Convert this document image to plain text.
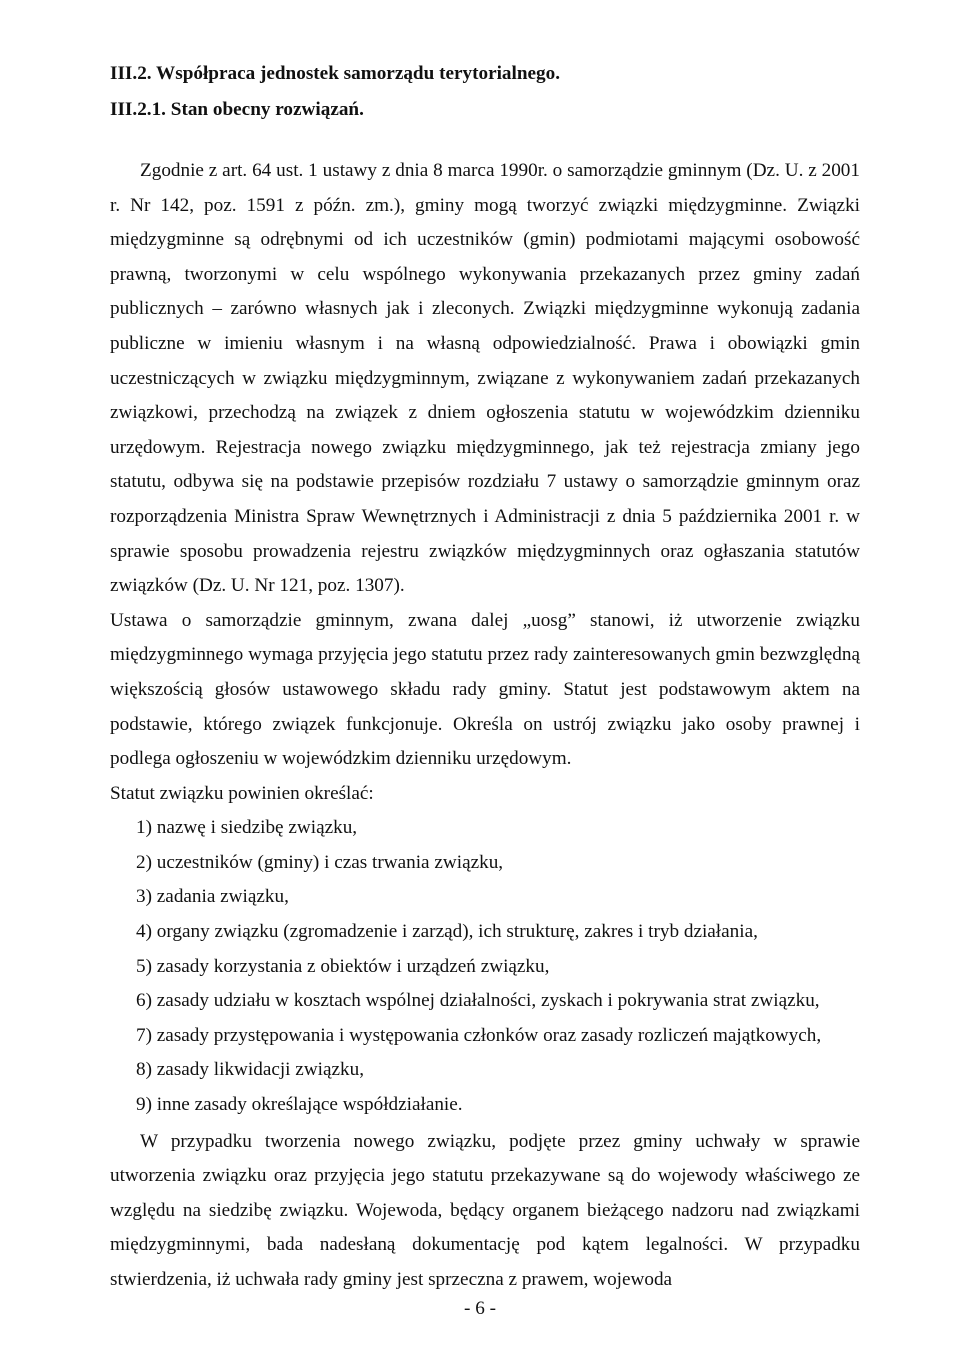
III.2. Współpraca jednostek samorządu terytorialnego.

III.2.1. Stan obecny rozwiązań.

Zgodnie z art. 64 ust. 1 ustawy z dnia 8 marca 1990r. o samorządzie gminnym (Dz. U. z 2001 r. Nr 142, poz. 1591 z późn. zm.), gminy mogą tworzyć związki międzygminne. Związki międzygminne są odrębnymi od ich uczestników (gmin) podmiotami mającymi osobowość prawną, tworzonymi w celu wspólnego wykonywania przekazanych przez gminy zadań publicznych – zarówno własnych jak i zleconych. Związki międzygminne wykonują zadania publiczne w imieniu własnym i na własną odpowiedzialność. Prawa i obowiązki gmin uczestniczących w związku międzygminnym, związane z wykonywaniem zadań przekazanych związkowi, przechodzą na związek z dniem ogłoszenia statutu w wojewódzkim dzienniku urzędowym. Rejestracja nowego związku międzygminnego, jak też rejestracja zmiany jego statutu, odbywa się na podstawie przepisów rozdziału 7 ustawy o samorządzie gminnym oraz rozporządzenia Ministra Spraw Wewnętrznych i Administracji z dnia 5 października 2001 r. w sprawie sposobu prowadzenia rejestru związków międzygminnych oraz ogłaszania statutów związków (Dz. U. Nr 121, poz. 1307).

Ustawa o samorządzie gminnym, zwana dalej „uosg” stanowi, iż utworzenie związku międzygminnego wymaga przyjęcia jego statutu przez rady zainteresowanych gmin bezwzględną większością głosów ustawowego składu rady gminy. Statut jest podstawowym aktem na podstawie, którego związek funkcjonuje. Określa on ustrój związku jako osoby prawnej i podlega ogłoszeniu w wojewódzkim dzienniku urzędowym.

Statut związku powinien określać:

1) nazwę i siedzibę związku,
2) uczestników (gminy) i czas trwania związku,
3) zadania związku,
4) organy związku (zgromadzenie i zarząd), ich strukturę, zakres i tryb działania,
5) zasady korzystania z obiektów i urządzeń związku,
6) zasady udziału w kosztach wspólnej działalności, zyskach i pokrywania strat związku,
7) zasady przystępowania i występowania członków oraz zasady rozliczeń majątkowych,
8) zasady likwidacji związku,
9) inne zasady określające współdziałanie.

W przypadku tworzenia nowego związku, podjęte przez gminy uchwały w sprawie utworzenia związku oraz przyjęcia jego statutu przekazywane są do wojewody właściwego ze względu na siedzibę związku. Wojewoda, będący organem bieżącego nadzoru nad związkami międzygminnymi, bada nadesłaną dokumentację pod kątem legalności. W przypadku stwierdzenia, iż uchwała rady gminy jest sprzeczna z prawem, wojewoda

- 6 -
